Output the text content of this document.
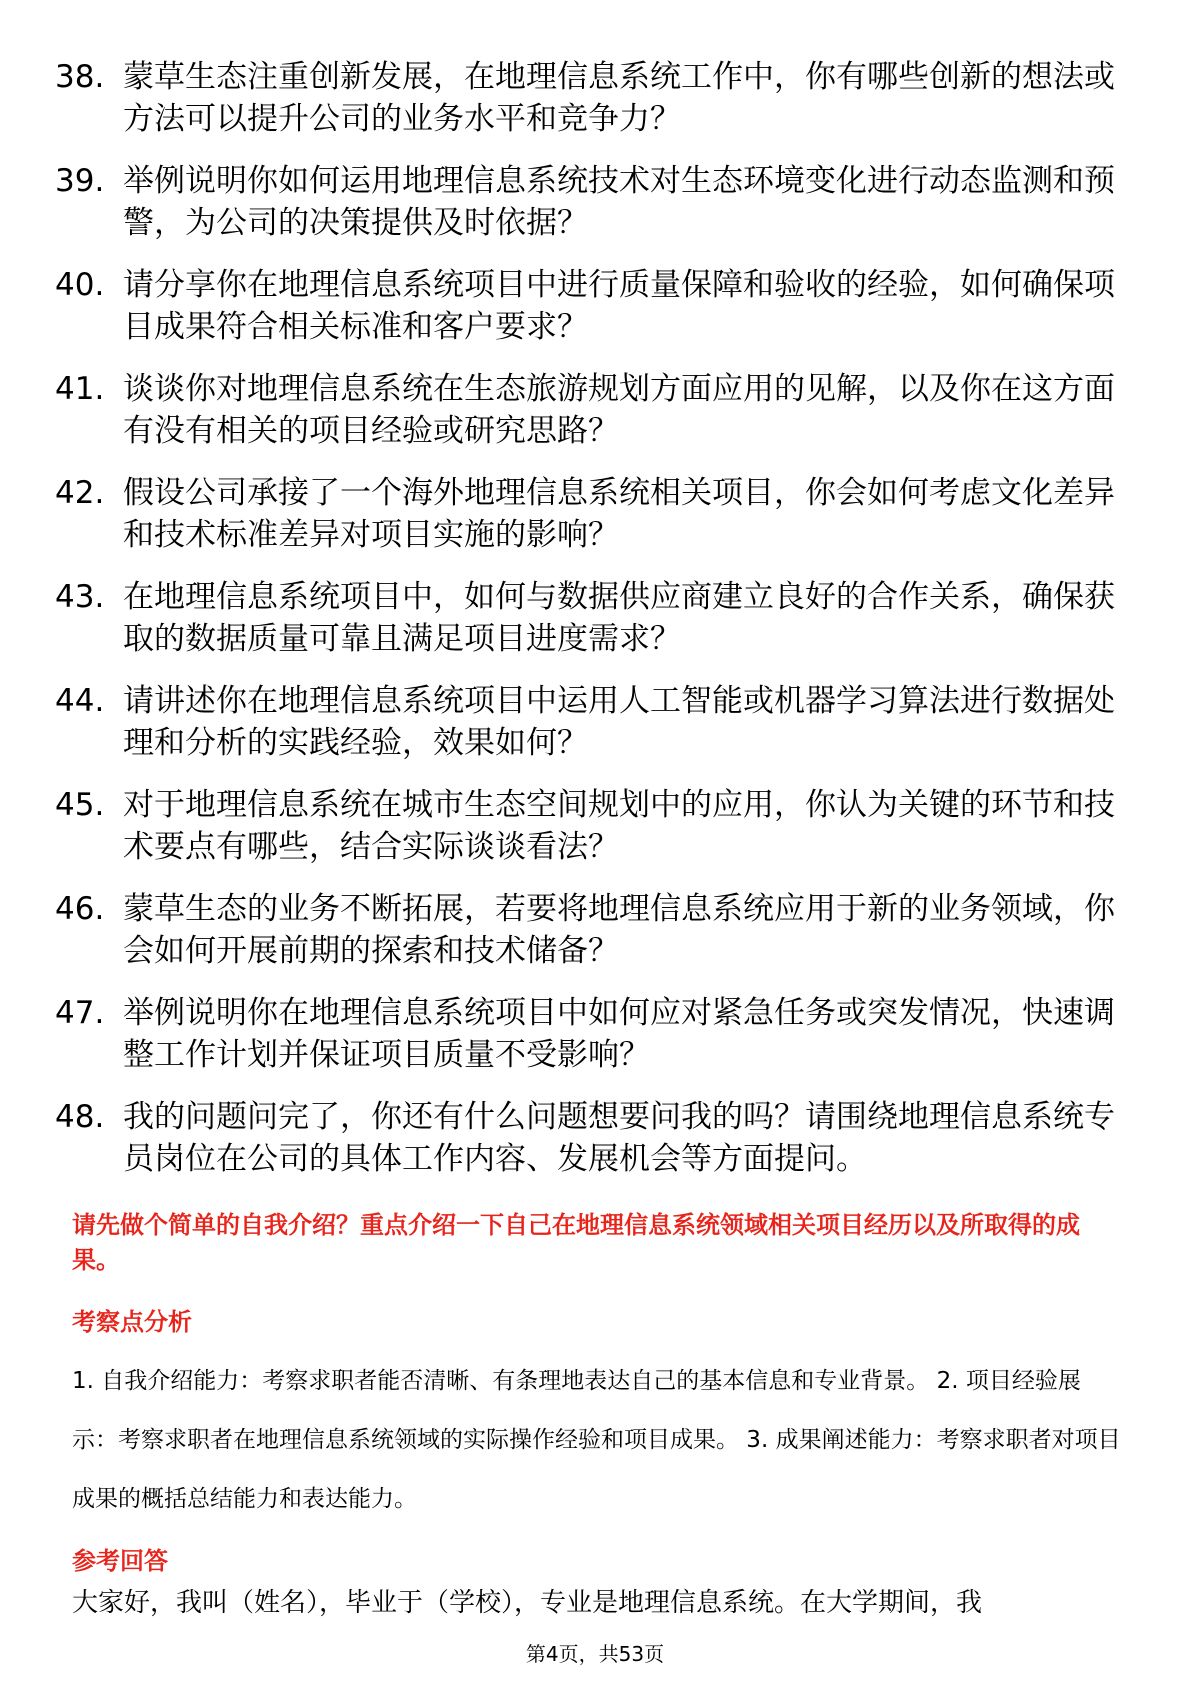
38. 蒙草生态注重创新发展，在地理信息系统工作中，你有哪些创新的想法或方法可以提升公司的业务水平和竞争力？
39. 举例说明你如何运用地理信息系统技术对生态环境变化进行动态监测和预警，为公司的决策提供及时依据？
40. 请分享你在地理信息系统项目中进行质量保障和验收的经验，如何确保项目成果符合相关标准和客户要求？
41. 谈谈你对地理信息系统在生态旅游规划方面应用的见解，以及你在这方面有没有相关的项目经验或研究思路？
42. 假设公司承接了一个海外地理信息系统相关项目，你会如何考虑文化差异和技术标准差异对项目实施的影响？
43. 在地理信息系统项目中，如何与数据供应商建立良好的合作关系，确保获取的数据质量可靠且满足项目进度需求？
44. 请讲述你在地理信息系统项目中运用人工智能或机器学习算法进行数据处理和分析的实践经验，效果如何？
45. 对于地理信息系统在城市生态空间规划中的应用，你认为关键的环节和技术要点有哪些，结合实际谈谈看法？
46. 蒙草生态的业务不断拓展，若要将地理信息系统应用于新的业务领域，你会如何开展前期的探索和技术储备？
47. 举例说明你在地理信息系统项目中如何应对紧急任务或突发情况，快速调整工作计划并保证项目质量不受影响？
48. 我的问题问完了，你还有什么问题想要问我的吗？请围绕地理信息系统专员岗位在公司的具体工作内容、发展机会等方面提问。

请先做个简单的自我介绍？重点介绍一下自己在地理信息系统领域相关项目经历以及所取得的成果。

考察点分析

1. 自我介绍能力：考察求职者能否清晰、有条理地表达自己的基本信息和专业背景。 2. 项目经验展示：考察求职者在地理信息系统领域的实际操作经验和项目成果。 3. 成果阐述能力：考察求职者对项目成果的概括总结能力和表达能力。

参考回答

大家好，我叫（姓名），毕业于（学校），专业是地理信息系统。在大学期间，我

第4页，共53页
